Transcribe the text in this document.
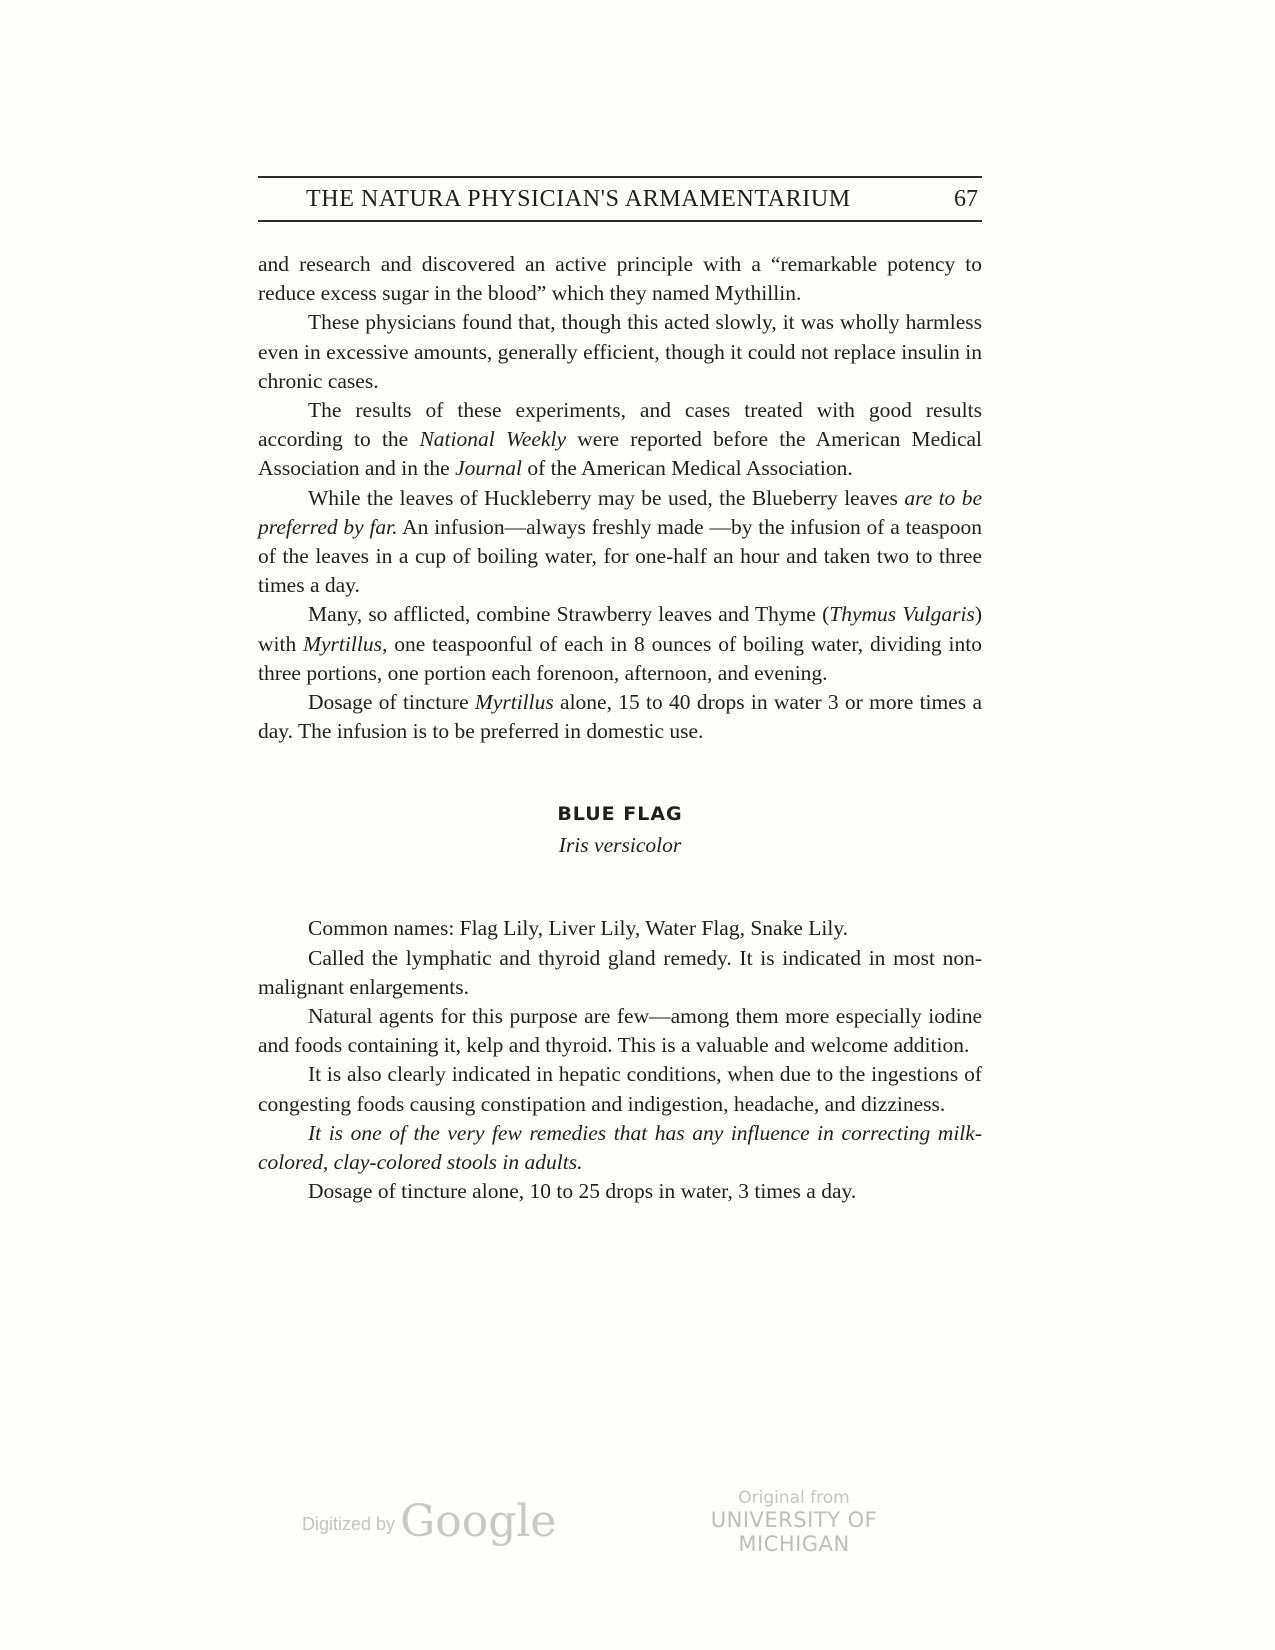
THE NATURA PHYSICIAN'S ARMAMENTARIUM	67

and research and discovered an active principle with a “remarkable potency to reduce excess sugar in the blood” which they named Mythillin.

These physicians found that, though this acted slowly, it was wholly harmless even in excessive amounts, generally efficient, though it could not replace insulin in chronic cases.

The results of these experiments, and cases treated with good results according to the National Weekly were reported before the American Medical Association and in the Journal of the American Medical Association.

While the leaves of Huckleberry may be used, the Blueberry leaves are to be preferred by far. An infusion—always freshly made —by the infusion of a teaspoon of the leaves in a cup of boiling water, for one-half an hour and taken two to three times a day.

Many, so afflicted, combine Strawberry leaves and Thyme (Thymus Vulgaris) with Myrtillus, one teaspoonful of each in 8 ounces of boiling water, dividing into three portions, one portion each forenoon, afternoon, and evening.

Dosage of tincture Myrtillus alone, 15 to 40 drops in water 3 or more times a day. The infusion is to be preferred in domestic use.

BLUE FLAG
Iris versicolor

Common names: Flag Lily, Liver Lily, Water Flag, Snake Lily.

Called the lymphatic and thyroid gland remedy. It is indicated in most non-malignant enlargements.

Natural agents for this purpose are few—among them more especially iodine and foods containing it, kelp and thyroid. This is a valuable and welcome addition.

It is also clearly indicated in hepatic conditions, when due to the ingestions of congesting foods causing constipation and indigestion, headache, and dizziness.

It is one of the very few remedies that has any influence in correcting milk-colored, clay-colored stools in adults.

Dosage of tincture alone, 10 to 25 drops in water, 3 times a day.

Digitized by Google	Original from
UNIVERSITY OF MICHIGAN
